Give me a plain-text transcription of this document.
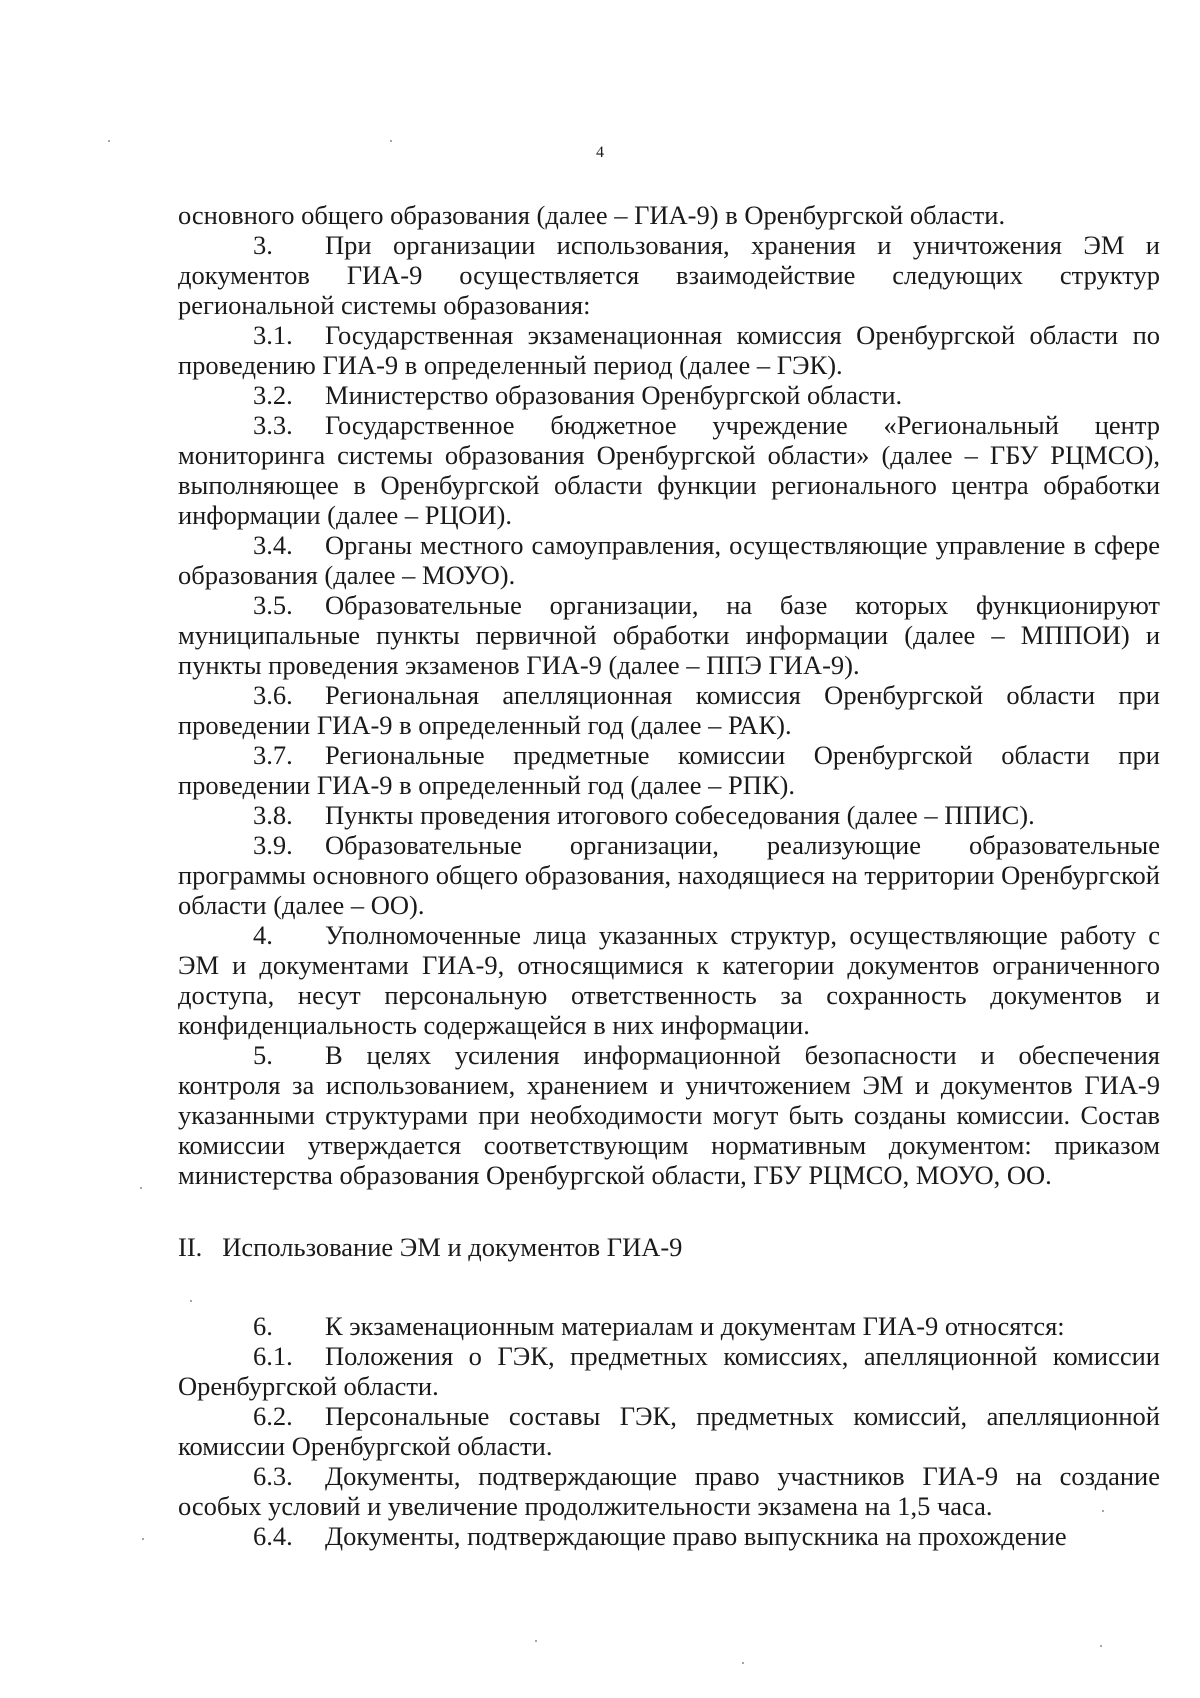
4

основного общего образования (далее – ГИА-9) в Оренбургской области.

3. При организации использования, хранения и уничтожения ЭМ и документов ГИА-9 осуществляется взаимодействие следующих структур региональной системы образования:

3.1. Государственная экзаменационная комиссия Оренбургской области по проведению ГИА-9 в определенный период (далее – ГЭК).

3.2. Министерство образования Оренбургской области.

3.3. Государственное бюджетное учреждение «Региональный центр мониторинга системы образования Оренбургской области» (далее – ГБУ РЦМСО), выполняющее в Оренбургской области функции регионального центра обработки информации (далее – РЦОИ).

3.4. Органы местного самоуправления, осуществляющие управление в сфере образования (далее – МОУО).

3.5. Образовательные организации, на базе которых функционируют муниципальные пункты первичной обработки информации (далее – МППОИ) и пункты проведения экзаменов ГИА-9 (далее – ППЭ ГИА-9).

3.6. Региональная апелляционная комиссия Оренбургской области при проведении ГИА-9 в определенный год (далее – РАК).

3.7. Региональные предметные комиссии Оренбургской области при проведении ГИА-9 в определенный год (далее – РПК).

3.8. Пункты проведения итогового собеседования (далее – ППИС).

3.9. Образовательные организации, реализующие образовательные программы основного общего образования, находящиеся на территории Оренбургской области (далее – ОО).

4. Уполномоченные лица указанных структур, осуществляющие работу с ЭМ и документами ГИА-9, относящимися к категории документов ограниченного доступа, несут персональную ответственность за сохранность документов и конфиденциальность содержащейся в них информации.

5. В целях усиления информационной безопасности и обеспечения контроля за использованием, хранением и уничтожением ЭМ и документов ГИА-9 указанными структурами при необходимости могут быть созданы комиссии. Состав комиссии утверждается соответствующим нормативным документом: приказом министерства образования Оренбургской области, ГБУ РЦМСО, МОУО, ОО.

II. Использование ЭМ и документов ГИА-9

6. К экзаменационным материалам и документам ГИА-9 относятся:

6.1. Положения о ГЭК, предметных комиссиях, апелляционной комиссии Оренбургской области.

6.2. Персональные составы ГЭК, предметных комиссий, апелляционной комиссии Оренбургской области.

6.3. Документы, подтверждающие право участников ГИА-9 на создание особых условий и увеличение продолжительности экзамена на 1,5 часа.

6.4. Документы, подтверждающие право выпускника на прохождение
